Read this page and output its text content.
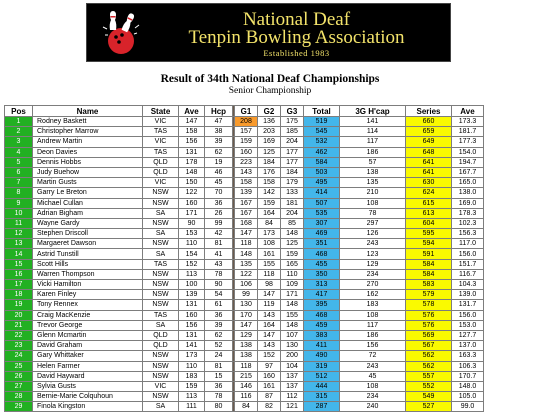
National Deaf
Tenpin Bowling Association
Established 1983
Result of 34th National Deaf Championships
Senior Championship
Pos	Name	State	Ave	Hcp		G1	G2	G3	Total	3G H'cap	Series	Ave
1	Rodney Baskett	VIC	147	47		208	136	175	519	141	660	173.3
2	Christopher Marrow	TAS	158	38		157	203	185	545	114	659	181.7
3	Andrew Martin	VIC	156	39		159	169	204	532	117	649	177.3
4	Deon Davies	TAS	131	62		160	125	177	462	186	648	154.0
5	Dennis Hobbs	QLD	178	19		223	184	177	584	57	641	194.7
6	Judy Buehow	QLD	148	46		143	176	184	503	138	641	167.7
7	Martin Gusts	VIC	150	45		158	158	179	495	135	630	165.0
8	Garry Le Breton	NSW	122	70		139	142	133	414	210	624	138.0
9	Michael Cullan	NSW	160	36		167	159	181	507	108	615	169.0
10	Adrian Bigham	SA	171	26		167	164	204	535	78	613	178.3
11	Wayne Gardy	NSW	90	99		168	84	85	307	297	604	102.3
12	Stephen Driscoll	SA	153	42		147	173	148	469	126	595	156.3
13	Margaeret Dawson	NSW	110	81		118	108	125	351	243	594	117.0
14	Astrid Tunstill	SA	154	41		148	161	159	468	123	591	156.0
15	Scott Hills	TAS	152	43		135	155	165	455	129	584	151.7
16	Warren Thompson	NSW	113	78		122	118	110	350	234	584	116.7
17	Vicki Hamilton	NSW	100	90		106	98	109	313	270	583	104.3
18	Karen Finley	NSW	139	54		99	147	171	417	162	579	139.0
19	Tony Rennex	NSW	131	61		130	119	148	395	183	578	131.7
20	Craig MacKenzie	TAS	160	36		170	143	155	468	108	576	156.0
21	Trevor George	SA	156	39		147	164	148	459	117	576	153.0
22	Glenn Mcmartin	QLD	131	62		129	147	107	383	186	569	127.7
23	David Graham	QLD	141	52		138	143	130	411	156	567	137.0
24	Gary Whittaker	NSW	173	24		138	152	200	490	72	562	163.3
25	Helen Farmer	NSW	110	81		118	97	104	319	243	562	106.3
26	David Hayward	NSW	183	15		215	160	137	512	45	557	170.7
27	Sylvia Gusts	VIC	159	36		146	161	137	444	108	552	148.0
28	Bernie-Marie Colquhoun	NSW	113	78		116	87	112	315	234	549	105.0
29	Finola Kingston	SA	111	80		84	82	121	287	240	527	99.0
